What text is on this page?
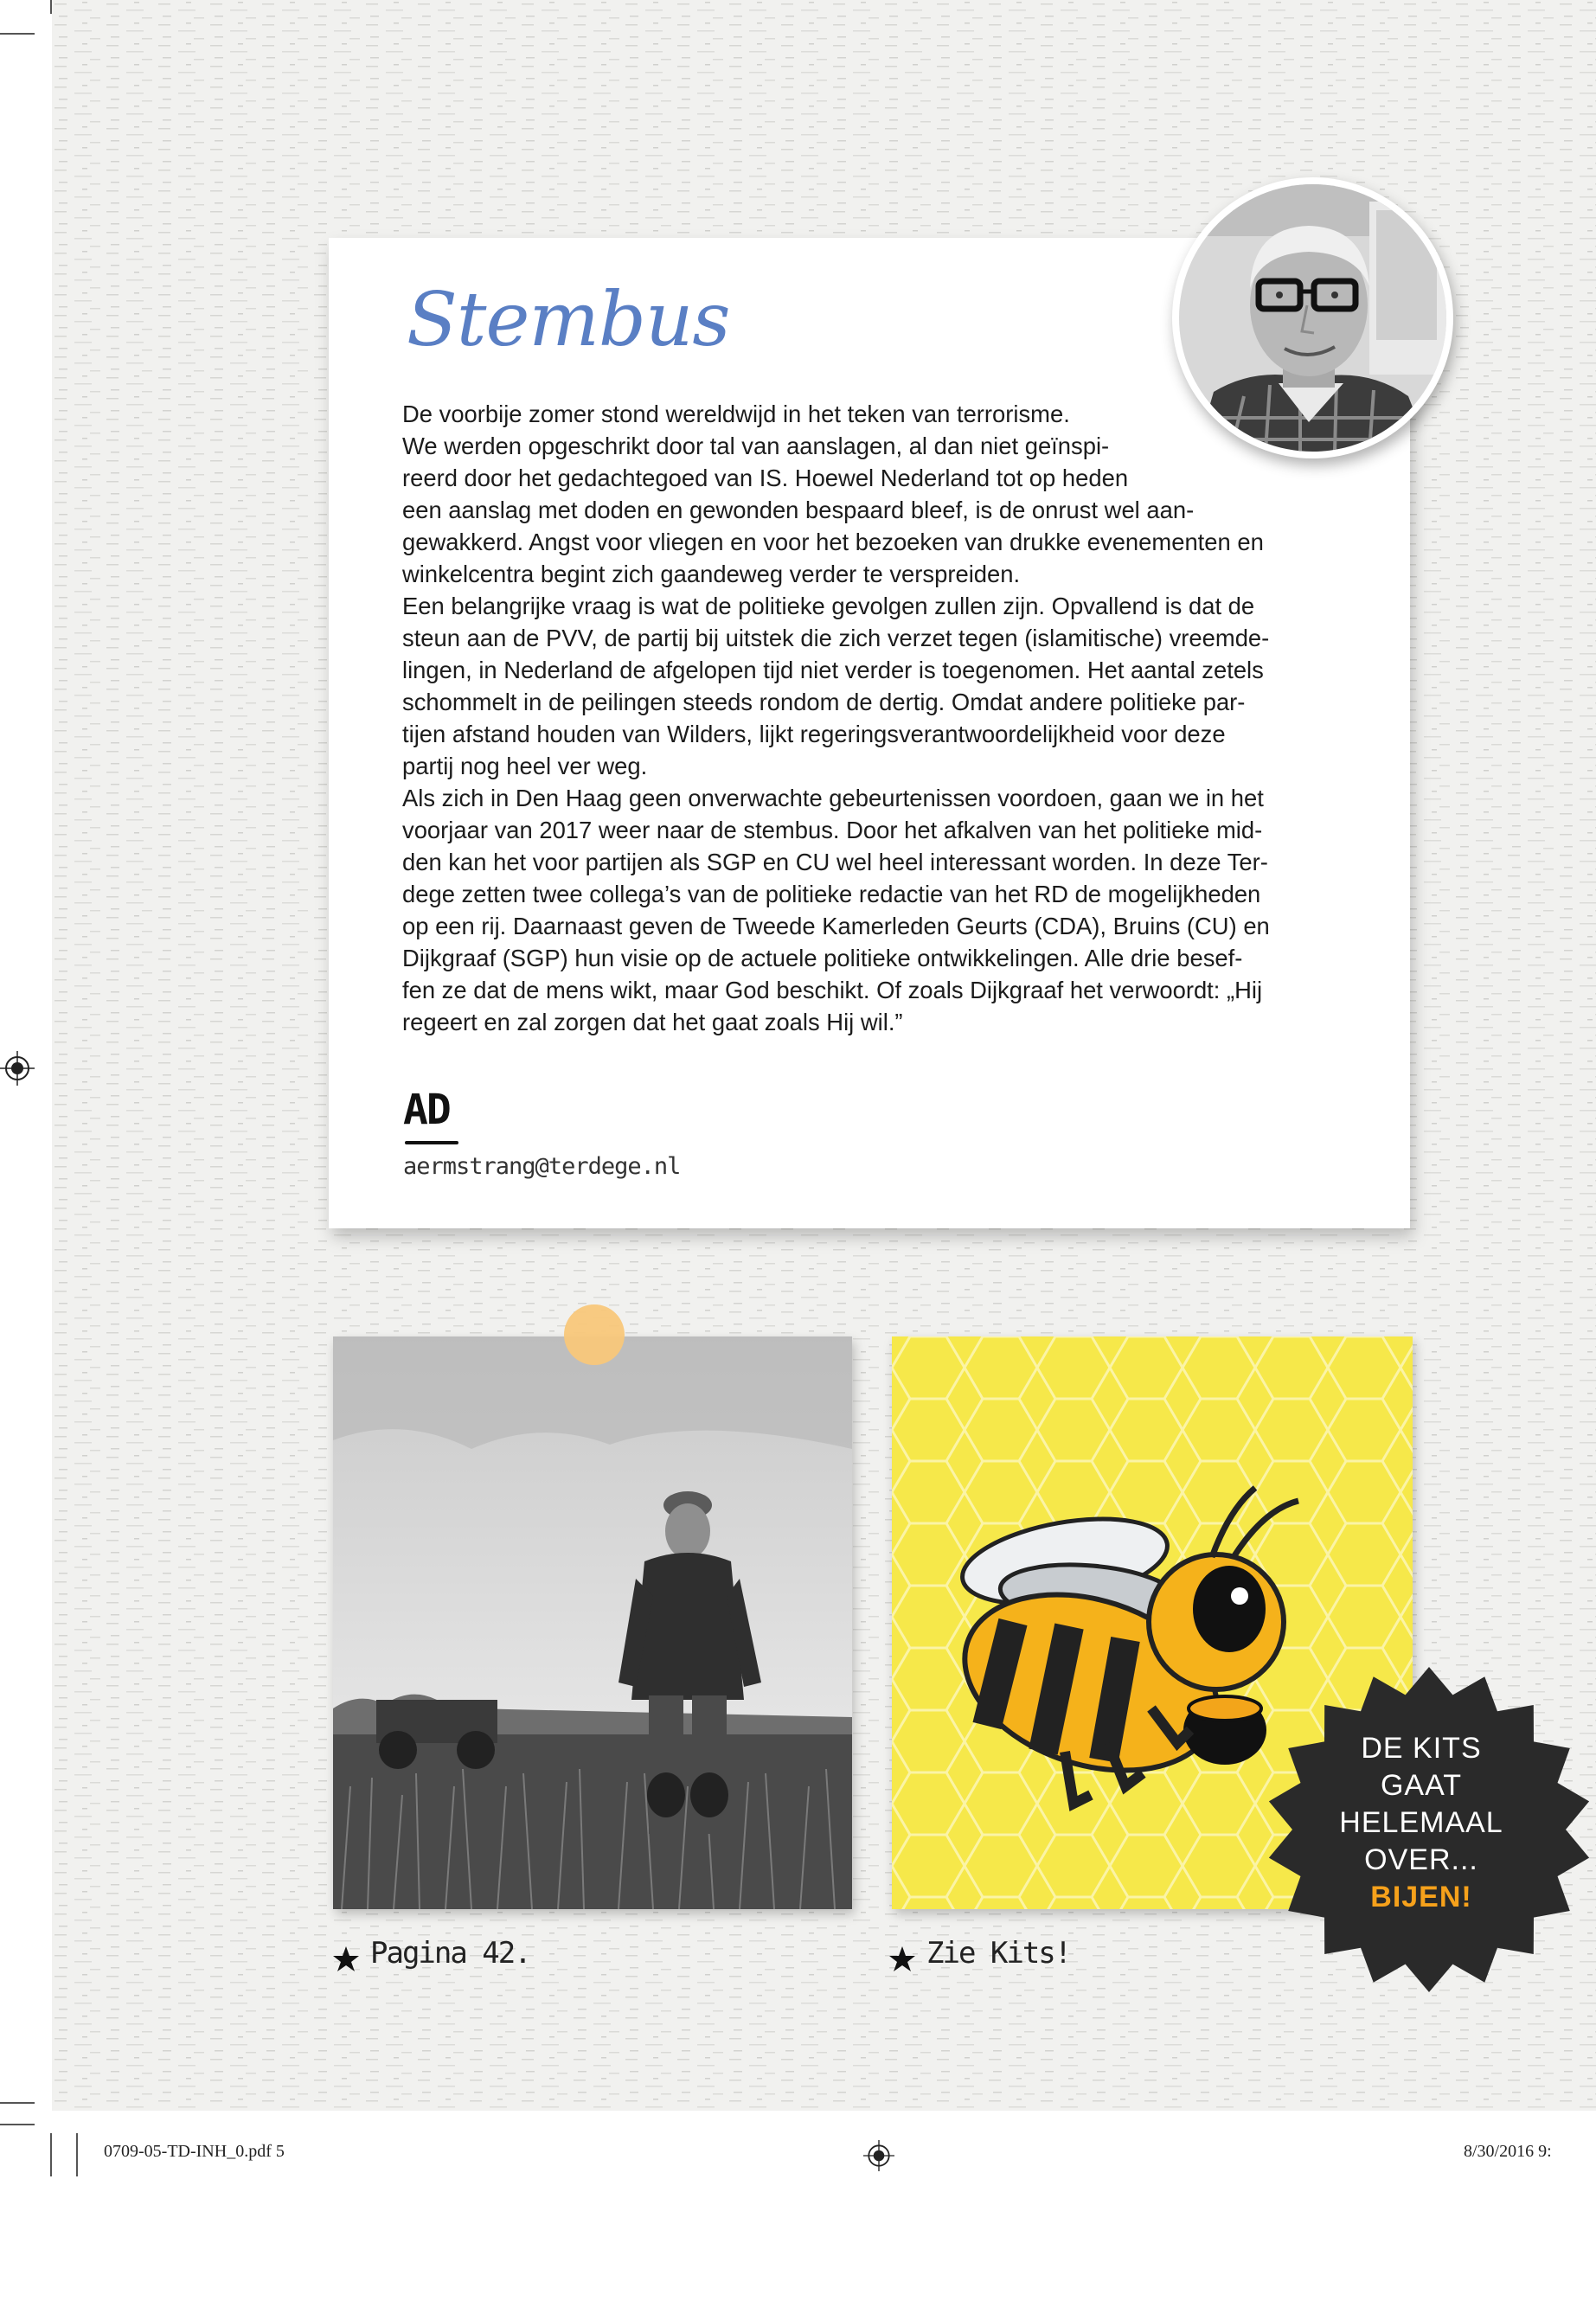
Stembus
De voorbije zomer stond wereldwijd in het teken van terrorisme.
We werden opgeschrikt door tal van aanslagen, al dan niet geïnspi-
reerd door het gedachtegoed van IS. Hoewel Nederland tot op heden
een aanslag met doden en gewonden bespaard bleef, is de onrust wel aan-
gewakkerd. Angst voor vliegen en voor het bezoeken van drukke evenementen en
winkelcentra begint zich gaandeweg verder te verspreiden.
Een belangrijke vraag is wat de politieke gevolgen zullen zijn. Opvallend is dat de
steun aan de PVV, de partij bij uitstek die zich verzet tegen (islamitische) vreemde-
lingen, in Nederland de afgelopen tijd niet verder is toegenomen. Het aantal zetels
schommelt in de peilingen steeds rondom de dertig. Omdat andere politieke par-
tijen afstand houden van Wilders, lijkt regeringsverantwoordelijkheid voor deze
partij nog heel ver weg.
Als zich in Den Haag geen onverwachte gebeurtenissen voordoen, gaan we in het
voorjaar van 2017 weer naar de stembus. Door het afkalven van het politieke mid-
den kan het voor partijen als SGP en CU wel heel interessant worden. In deze Ter-
dege zetten twee collega’s van de politieke redactie van het RD de mogelijkheden
op een rij. Daarnaast geven de Tweede Kamerleden Geurts (CDA), Bruins (CU) en
Dijkgraaf (SGP) hun visie op de actuele politieke ontwikkelingen. Alle drie besef-
fen ze dat de mens wikt, maar God beschikt. Of zoals Dijkgraaf het verwoordt: „Hij
regeert en zal zorgen dat het gaat zoals Hij wil.”
AD
aermstrang@terdege.nl
Pagina 42.	Zie Kits!
DE KITS
GAAT
HELEMAAL
OVER...
BIJEN!
0709-05-TD-INH_0.pdf 5	8/30/2016 9:
